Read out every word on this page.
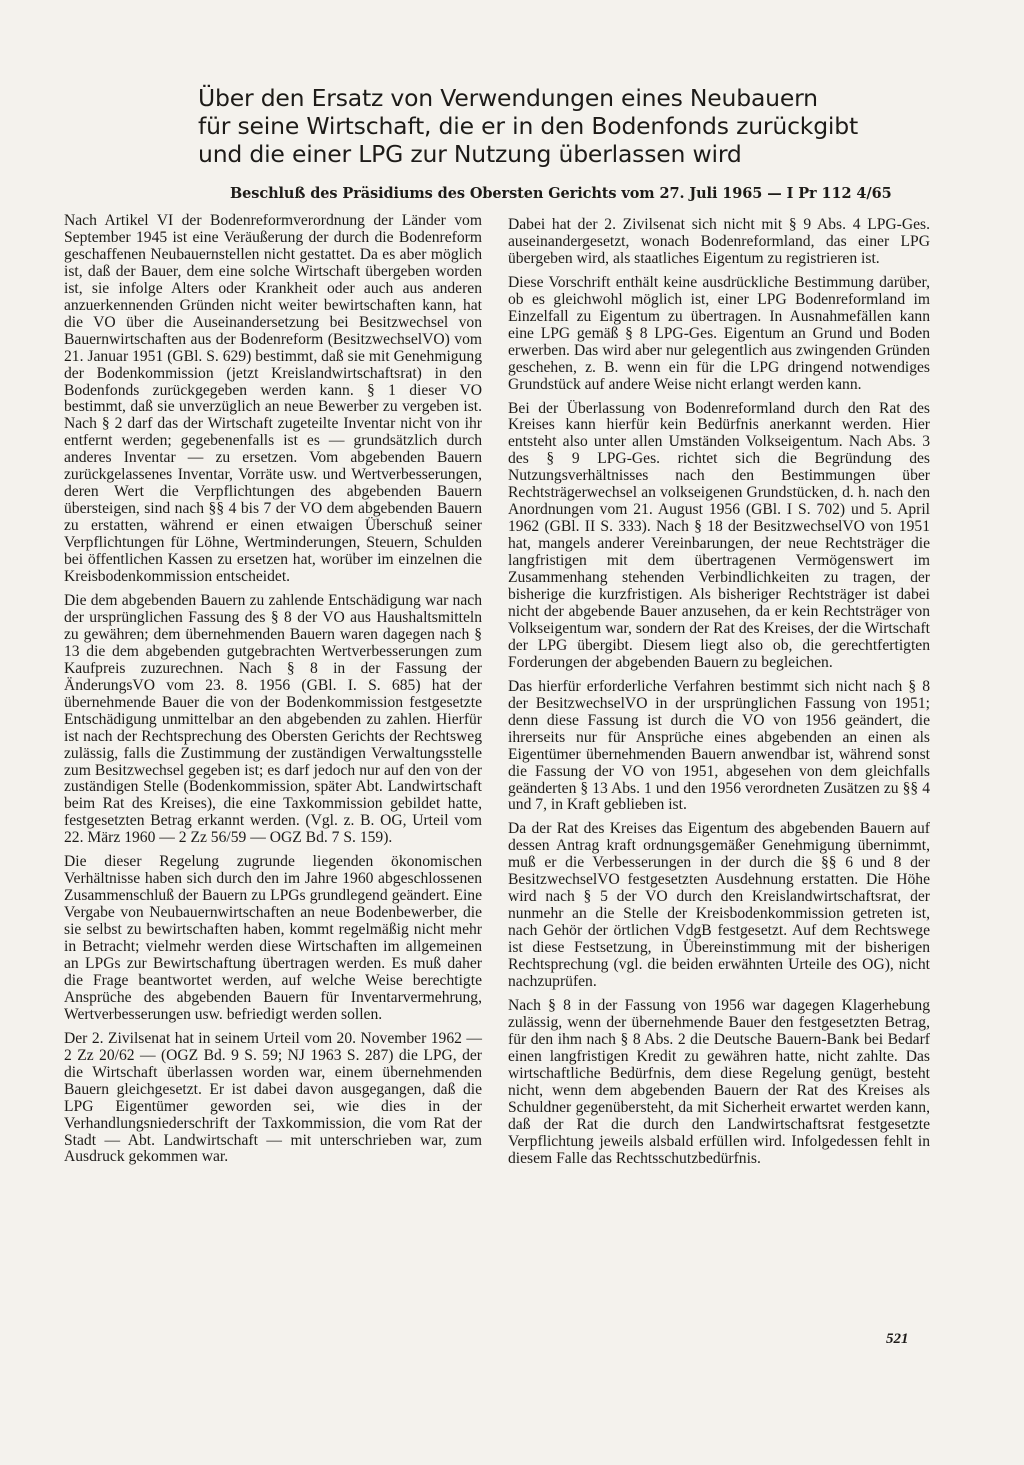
Über den Ersatz von Verwendungen eines Neubauern
für seine Wirtschaft, die er in den Bodenfonds zurückgibt
und die einer LPG zur Nutzung überlassen wird
Beschluß des Präsidiums des Obersten Gerichts vom 27. Juli 1965 — I Pr 112 4/65

Nach Artikel VI der Bodenreformverordnung der Länder vom September 1945 ist eine Veräußerung der durch die Bodenreform geschaffenen Neubauernstellen nicht gestattet. Da es aber möglich ist, daß der Bauer, dem eine solche Wirtschaft übergeben worden ist, sie infolge Alters oder Krankheit oder auch aus anderen anzuerkennenden Gründen nicht weiter bewirtschaften kann, hat die VO über die Auseinandersetzung bei Besitzwechsel von Bauernwirtschaften aus der Bodenreform (BesitzwechselVO) vom 21. Januar 1951 (GBl. S. 629) bestimmt, daß sie mit Genehmigung der Bodenkommission (jetzt Kreislandwirtschaftsrat) in den Bodenfonds zurückgegeben werden kann. § 1 dieser VO bestimmt, daß sie unverzüglich an neue Bewerber zu vergeben ist. Nach § 2 darf das der Wirtschaft zugeteilte Inventar nicht von ihr entfernt werden; gegebenenfalls ist es — grundsätzlich durch anderes Inventar — zu ersetzen. Vom abgebenden Bauern zurückgelassenes Inventar, Vorräte usw. und Wertverbesserungen, deren Wert die Verpflichtungen des abgebenden Bauern übersteigen, sind nach §§ 4 bis 7 der VO dem abgebenden Bauern zu erstatten, während er einen etwaigen Überschuß seiner Verpflichtungen für Löhne, Wertminderungen, Steuern, Schulden bei öffentlichen Kassen zu ersetzen hat, worüber im einzelnen die Kreisbodenkommission entscheidet.

Die dem abgebenden Bauern zu zahlende Entschädigung war nach der ursprünglichen Fassung des § 8 der VO aus Haushaltsmitteln zu gewähren; dem übernehmenden Bauern waren dagegen nach § 13 die dem abgebenden gutgebrachten Wertverbesserungen zum Kaufpreis zuzurechnen. Nach § 8 in der Fassung der ÄnderungsVO vom 23. 8. 1956 (GBl. I. S. 685) hat der übernehmende Bauer die von der Bodenkommission festgesetzte Entschädigung unmittelbar an den abgebenden zu zahlen. Hierfür ist nach der Rechtsprechung des Obersten Gerichts der Rechtsweg zulässig, falls die Zustimmung der zuständigen Verwaltungsstelle zum Besitzwechsel gegeben ist; es darf jedoch nur auf den von der zuständigen Stelle (Bodenkommission, später Abt. Landwirtschaft beim Rat des Kreises), die eine Taxkommission gebildet hatte, festgesetzten Betrag erkannt werden. (Vgl. z. B. OG, Urteil vom 22. März 1960 — 2 Zz 56/59 — OGZ Bd. 7 S. 159).

Die dieser Regelung zugrunde liegenden ökonomischen Verhältnisse haben sich durch den im Jahre 1960 abgeschlossenen Zusammenschluß der Bauern zu LPGs grundlegend geändert. Eine Vergabe von Neubauernwirtschaften an neue Bodenbewerber, die sie selbst zu bewirtschaften haben, kommt regelmäßig nicht mehr in Betracht; vielmehr werden diese Wirtschaften im allgemeinen an LPGs zur Bewirtschaftung übertragen werden. Es muß daher die Frage beantwortet werden, auf welche Weise berechtigte Ansprüche des abgebenden Bauern für Inventarvermehrung, Wertverbesserungen usw. befriedigt werden sollen.

Der 2. Zivilsenat hat in seinem Urteil vom 20. November 1962 — 2 Zz 20/62 — (OGZ Bd. 9 S. 59; NJ 1963 S. 287) die LPG, der die Wirtschaft überlassen worden war, einem übernehmenden Bauern gleichgesetzt. Er ist dabei davon ausgegangen, daß die LPG Eigentümer geworden sei, wie dies in der Verhandlungsniederschrift der Taxkommission, die vom Rat der Stadt — Abt. Landwirtschaft — mit unterschrieben war, zum Ausdruck gekommen war.

Dabei hat der 2. Zivilsenat sich nicht mit § 9 Abs. 4 LPG-Ges. auseinandergesetzt, wonach Bodenreformland, das einer LPG übergeben wird, als staatliches Eigentum zu registrieren ist.

Diese Vorschrift enthält keine ausdrückliche Bestimmung darüber, ob es gleichwohl möglich ist, einer LPG Bodenreformland im Einzelfall zu Eigentum zu übertragen. In Ausnahmefällen kann eine LPG gemäß § 8 LPG-Ges. Eigentum an Grund und Boden erwerben. Das wird aber nur gelegentlich aus zwingenden Gründen geschehen, z. B. wenn ein für die LPG dringend notwendiges Grundstück auf andere Weise nicht erlangt werden kann.

Bei der Überlassung von Bodenreformland durch den Rat des Kreises kann hierfür kein Bedürfnis anerkannt werden. Hier entsteht also unter allen Umständen Volkseigentum. Nach Abs. 3 des § 9 LPG-Ges. richtet sich die Begründung des Nutzungsverhältnisses nach den Bestimmungen über Rechtsträgerwechsel an volkseigenen Grundstücken, d. h. nach den Anordnungen vom 21. August 1956 (GBl. I S. 702) und 5. April 1962 (GBl. II S. 333). Nach § 18 der BesitzwechselVO von 1951 hat, mangels anderer Vereinbarungen, der neue Rechtsträger die langfristigen mit dem übertragenen Vermögenswert im Zusammenhang stehenden Verbindlichkeiten zu tragen, der bisherige die kurzfristigen. Als bisheriger Rechtsträger ist dabei nicht der abgebende Bauer anzusehen, da er kein Rechtsträger von Volkseigentum war, sondern der Rat des Kreises, der die Wirtschaft der LPG übergibt. Diesem liegt also ob, die gerechtfertigten Forderungen der abgebenden Bauern zu begleichen.

Das hierfür erforderliche Verfahren bestimmt sich nicht nach § 8 der BesitzwechselVO in der ursprünglichen Fassung von 1951; denn diese Fassung ist durch die VO von 1956 geändert, die ihrerseits nur für Ansprüche eines abgebenden an einen als Eigentümer übernehmenden Bauern anwendbar ist, während sonst die Fassung der VO von 1951, abgesehen von dem gleichfalls geänderten § 13 Abs. 1 und den 1956 verordneten Zusätzen zu §§ 4 und 7, in Kraft geblieben ist.

Da der Rat des Kreises das Eigentum des abgebenden Bauern auf dessen Antrag kraft ordnungsgemäßer Genehmigung übernimmt, muß er die Verbesserungen in der durch die §§ 6 und 8 der BesitzwechselVO festgesetzten Ausdehnung erstatten. Die Höhe wird nach § 5 der VO durch den Kreislandwirtschaftsrat, der nunmehr an die Stelle der Kreisbodenkommission getreten ist, nach Gehör der örtlichen VdgB festgesetzt. Auf dem Rechtswege ist diese Festsetzung, in Übereinstimmung mit der bisherigen Rechtsprechung (vgl. die beiden erwähnten Urteile des OG), nicht nachzuprüfen.

Nach § 8 in der Fassung von 1956 war dagegen Klagerhebung zulässig, wenn der übernehmende Bauer den festgesetzten Betrag, für den ihm nach § 8 Abs. 2 die Deutsche Bauern-Bank bei Bedarf einen langfristigen Kredit zu gewähren hatte, nicht zahlte. Das wirtschaftliche Bedürfnis, dem diese Regelung genügt, besteht nicht, wenn dem abgebenden Bauern der Rat des Kreises als Schuldner gegenübersteht, da mit Sicherheit erwartet werden kann, daß der Rat die durch den Landwirtschaftsrat festgesetzte Verpflichtung jeweils alsbald erfüllen wird. Infolgedessen fehlt in diesem Falle das Rechtsschutzbedürfnis.

521
